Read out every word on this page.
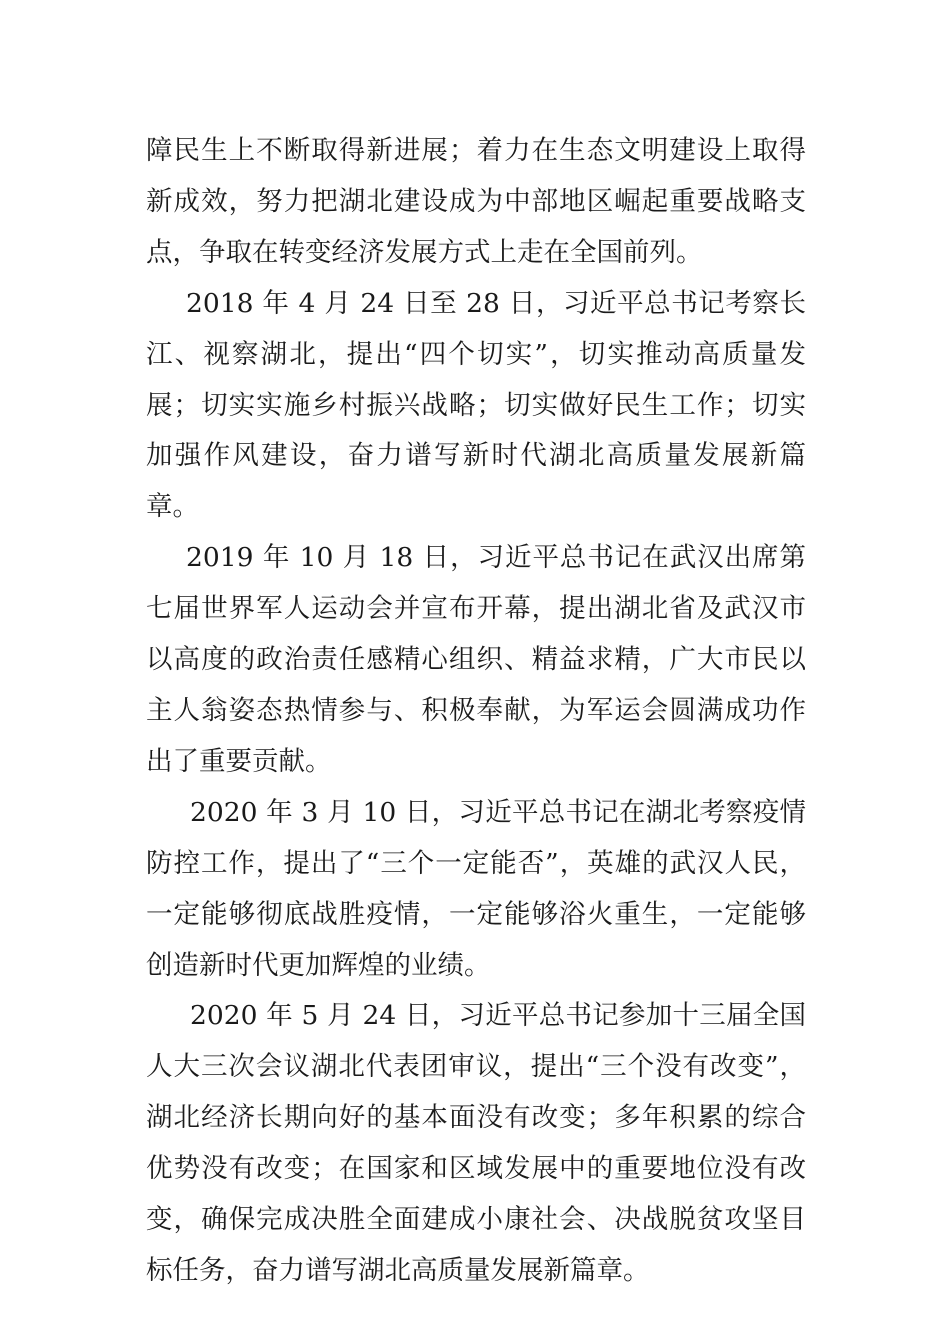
障民生上不断取得新进展；着力在生态文明建设上取得新成效，努力把湖北建设成为中部地区崛起重要战略支点，争取在转变经济发展方式上走在全国前列。

2018 年 4 月 24 日至 28 日，习近平总书记考察长江、视察湖北，提出“四个切实”，切实推动高质量发展；切实实施乡村振兴战略；切实做好民生工作；切实加强作风建设，奋力谱写新时代湖北高质量发展新篇章。

2019 年 10 月 18 日，习近平总书记在武汉出席第七届世界军人运动会并宣布开幕，提出湖北省及武汉市以高度的政治责任感精心组织、精益求精，广大市民以主人翁姿态热情参与、积极奉献，为军运会圆满成功作出了重要贡献。

2020 年 3 月 10 日，习近平总书记在湖北考察疫情防控工作，提出了“三个一定能否”，英雄的武汉人民，一定能够彻底战胜疫情，一定能够浴火重生，一定能够创造新时代更加辉煌的业绩。

2020 年 5 月 24 日，习近平总书记参加十三届全国人大三次会议湖北代表团审议，提出“三个没有改变”，湖北经济长期向好的基本面没有改变；多年积累的综合优势没有改变；在国家和区域发展中的重要地位没有改变，确保完成决胜全面建成小康社会、决战脱贫攻坚目标任务，奋力谱写湖北高质量发展新篇章。
